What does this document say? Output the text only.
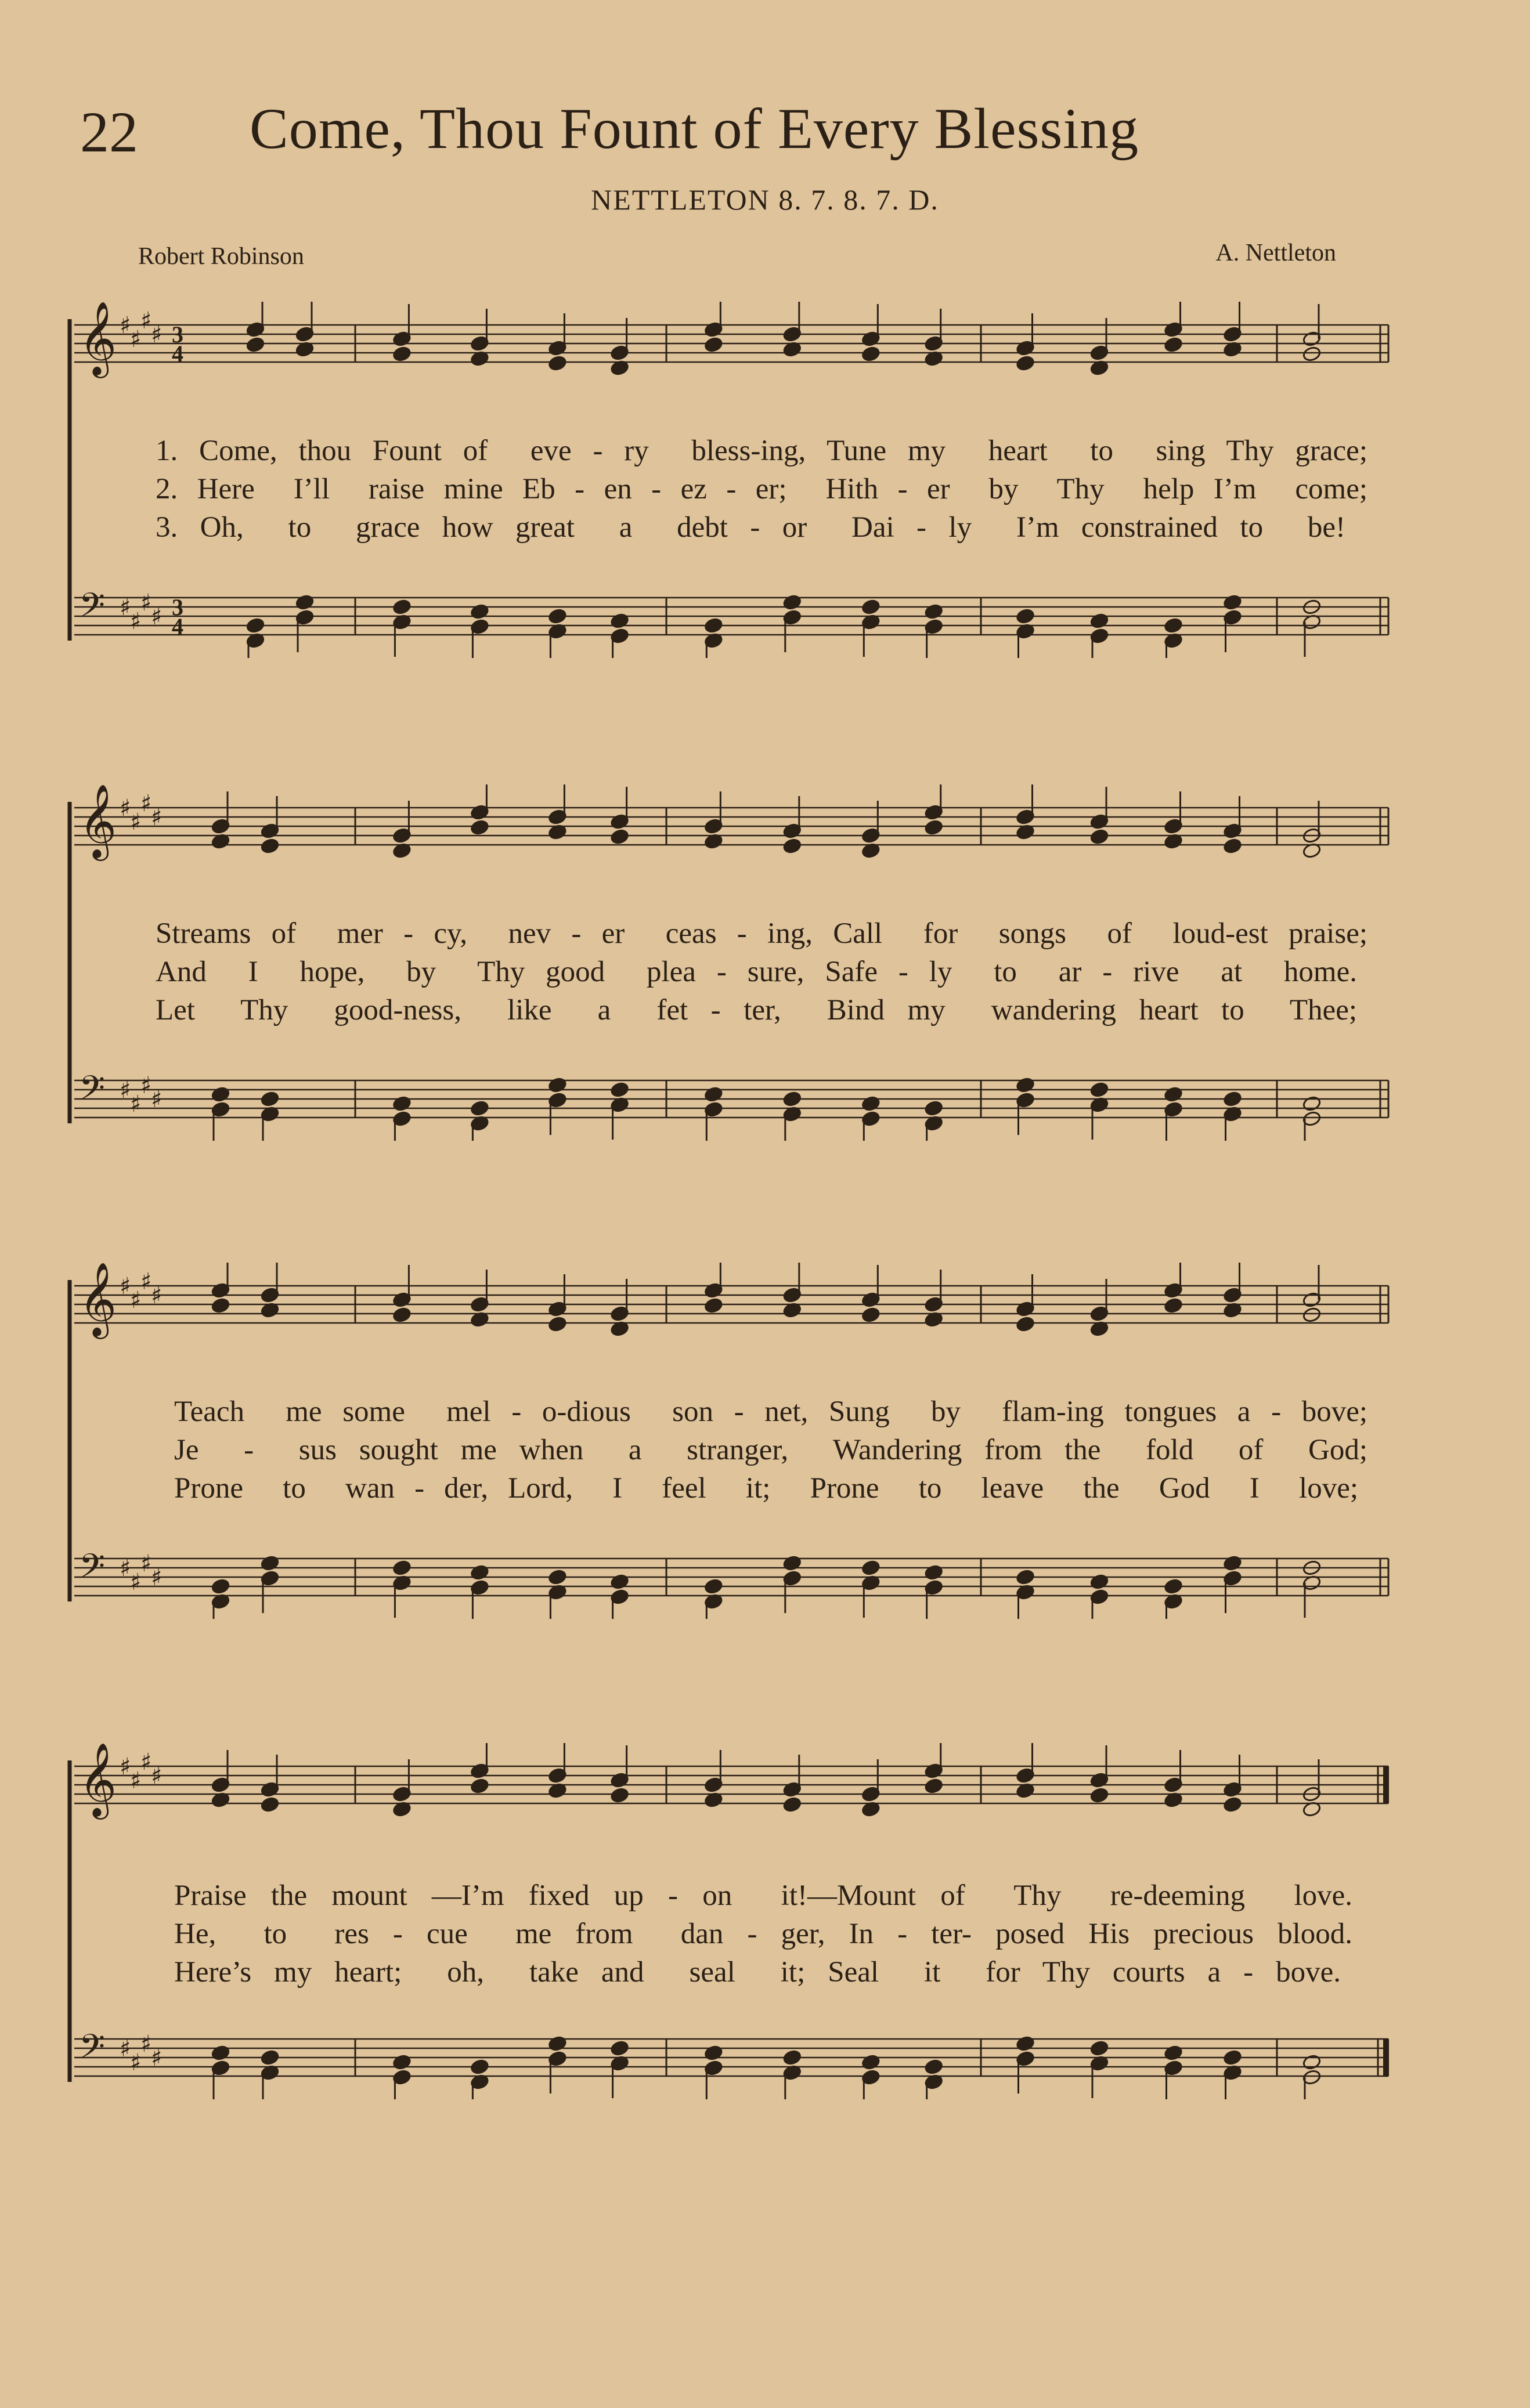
22 Come, Thou Fount of Every Blessing
NETTLETON 8. 7. 8. 7. D.
Robert Robinson	A. Nettleton
𝄞 ♯
♯
♯
♯ 3
4
𝄢 ♯
♯
♯
♯ 3
4
1. Come, thou Fount of  eve - ry  bless-ing, Tune my  heart  to  sing Thy grace;
2. Here  I’ll  raise mine Eb - en - ez - er;  Hith - er  by  Thy  help I’m  come;
3. Oh,  to  grace how great  a  debt - or  Dai - ly  I’m constrained to  be!
𝄞 ♯
♯
♯
♯
𝄢 ♯
♯
♯
♯
Streams of  mer - cy,  nev - er  ceas - ing, Call  for  songs  of  loud-est praise;
And  I  hope,  by  Thy good  plea - sure, Safe - ly  to  ar - rive  at  home.
Let  Thy  good-ness,  like  a  fet - ter,  Bind my  wandering heart to  Thee;
𝄞 ♯
♯
♯
♯
𝄢 ♯
♯
♯
♯
Teach  me some  mel - o-dious  son - net, Sung  by  flam-ing tongues a - bove;
Je  -  sus sought me when  a  stranger,  Wandering from the  fold  of  God;
Prone  to  wan - der, Lord,  I  feel  it;  Prone  to  leave  the  God  I  love;
𝄞 ♯
♯
♯
♯
𝄢 ♯
♯
♯
♯
Praise the mount —I’m fixed up - on  it!—Mount of  Thy  re-deeming  love.
He,  to  res - cue  me from  dan - ger, In - ter- posed His precious blood.
Here’s my heart;  oh,  take and  seal  it; Seal  it  for Thy courts a - bove.
